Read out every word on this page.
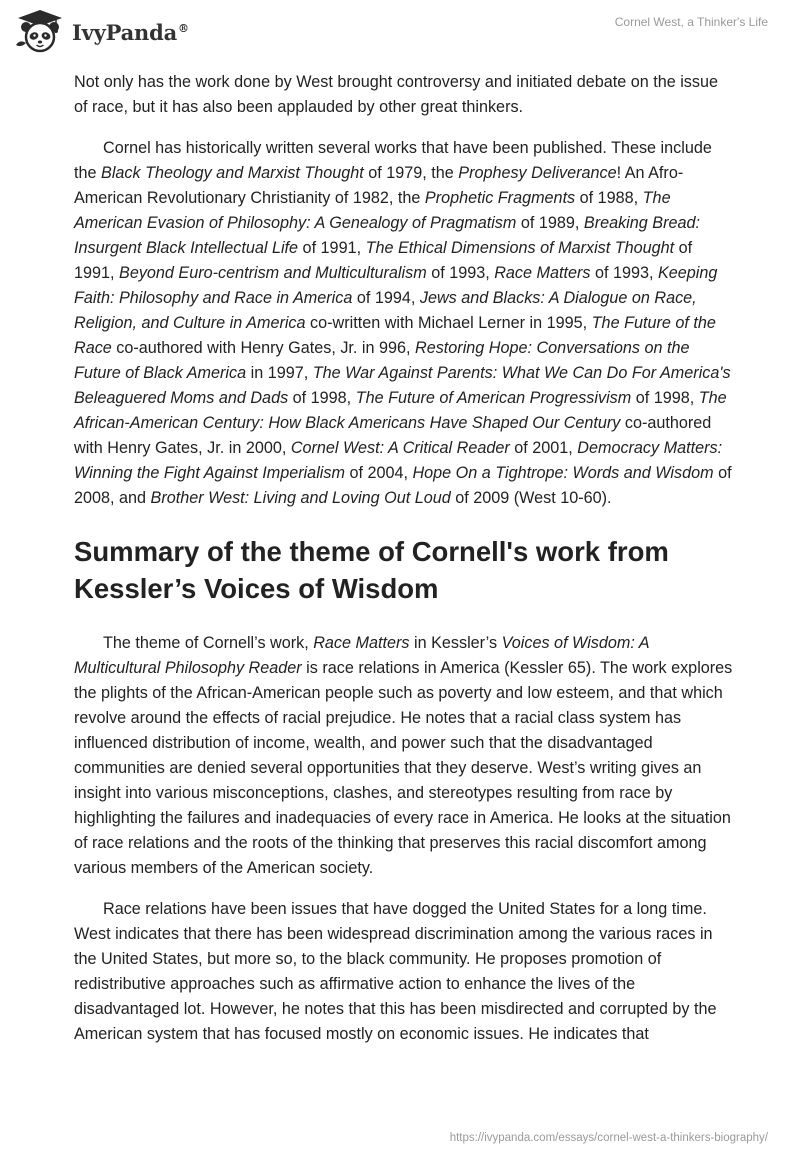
IvyPanda®	Cornel West, a Thinker's Life

Not only has the work done by West brought controversy and initiated debate on the issue of race, but it has also been applauded by other great thinkers.

Cornel has historically written several works that have been published. These include the Black Theology and Marxist Thought of 1979, the Prophesy Deliverance! An Afro-American Revolutionary Christianity of 1982, the Prophetic Fragments of 1988, The American Evasion of Philosophy: A Genealogy of Pragmatism of 1989, Breaking Bread: Insurgent Black Intellectual Life of 1991, The Ethical Dimensions of Marxist Thought of 1991, Beyond Euro-centrism and Multiculturalism of 1993, Race Matters of 1993, Keeping Faith: Philosophy and Race in America of 1994, Jews and Blacks: A Dialogue on Race, Religion, and Culture in America co-written with Michael Lerner in 1995, The Future of the Race co-authored with Henry Gates, Jr. in 996, Restoring Hope: Conversations on the Future of Black America in 1997, The War Against Parents: What We Can Do For America's Beleaguered Moms and Dads of 1998, The Future of American Progressivism of 1998, The African-American Century: How Black Americans Have Shaped Our Century co-authored with Henry Gates, Jr. in 2000, Cornel West: A Critical Reader of 2001, Democracy Matters: Winning the Fight Against Imperialism of 2004, Hope On a Tightrope: Words and Wisdom of 2008, and Brother West: Living and Loving Out Loud of 2009 (West 10-60).

Summary of the theme of Cornell's work from Kessler’s Voices of Wisdom

The theme of Cornell’s work, Race Matters in Kessler’s Voices of Wisdom: A Multicultural Philosophy Reader is race relations in America (Kessler 65). The work explores the plights of the African-American people such as poverty and low esteem, and that which revolve around the effects of racial prejudice. He notes that a racial class system has influenced distribution of income, wealth, and power such that the disadvantaged communities are denied several opportunities that they deserve. West’s writing gives an insight into various misconceptions, clashes, and stereotypes resulting from race by highlighting the failures and inadequacies of every race in America. He looks at the situation of race relations and the roots of the thinking that preserves this racial discomfort among various members of the American society.

Race relations have been issues that have dogged the United States for a long time. West indicates that there has been widespread discrimination among the various races in the United States, but more so, to the black community. He proposes promotion of redistributive approaches such as affirmative action to enhance the lives of the disadvantaged lot. However, he notes that this has been misdirected and corrupted by the American system that has focused mostly on economic issues. He indicates that

https://ivypanda.com/essays/cornel-west-a-thinkers-biography/
